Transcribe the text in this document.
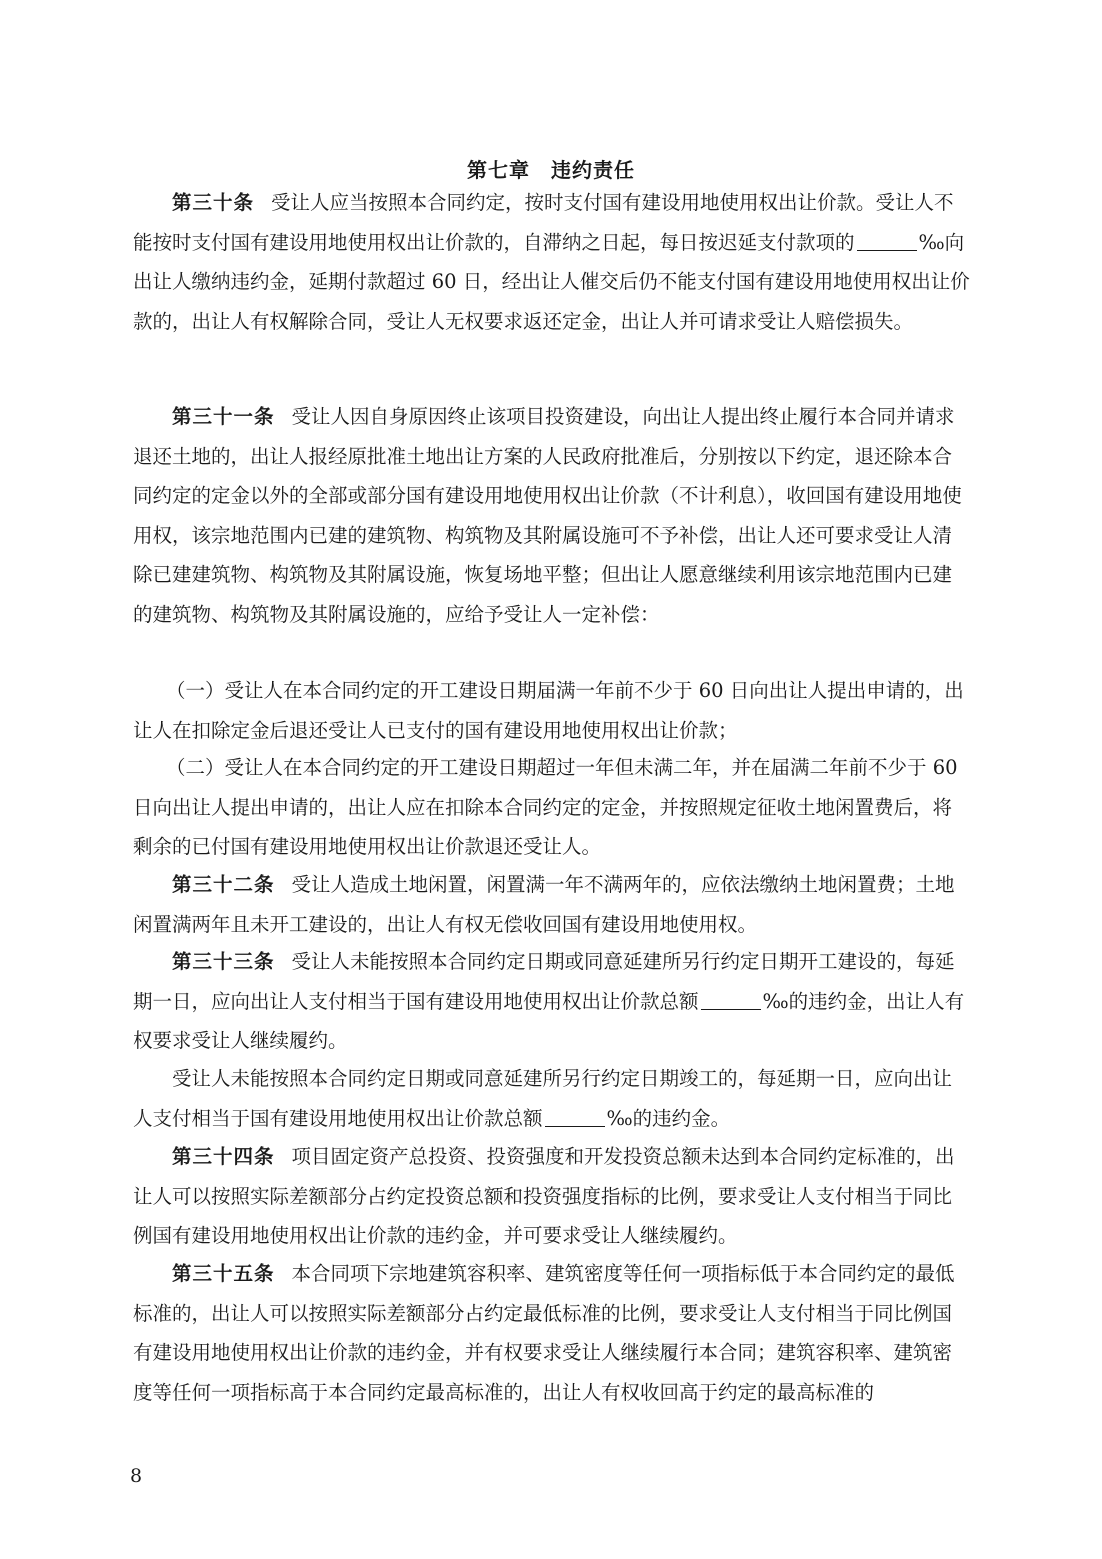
第七章　违约责任

第三十条 受让人应当按照本合同约定，按时支付国有建设用地使用权出让价款。受让人不能按时支付国有建设用地使用权出让价款的，自滞纳之日起，每日按迟延支付款项的	‰向出让人缴纳违约金，延期付款超过 60 日，经出让人催交后仍不能支付国有建设用地使用权出让价款的，出让人有权解除合同，受让人无权要求返还定金，出让人并可请求受让人赔偿损失。

第三十一条 受让人因自身原因终止该项目投资建设，向出让人提出终止履行本合同并请求退还土地的，出让人报经原批准土地出让方案的人民政府批准后，分别按以下约定，退还除本合同约定的定金以外的全部或部分国有建设用地使用权出让价款（不计利息），收回国有建设用地使用权，该宗地范围内已建的建筑物、构筑物及其附属设施可不予补偿，出让人还可要求受让人清除已建建筑物、构筑物及其附属设施，恢复场地平整；但出让人愿意继续利用该宗地范围内已建的建筑物、构筑物及其附属设施的，应给予受让人一定补偿：

（一）受让人在本合同约定的开工建设日期届满一年前不少于 60 日向出让人提出申请的，出让人在扣除定金后退还受让人已支付的国有建设用地使用权出让价款；

（二）受让人在本合同约定的开工建设日期超过一年但未满二年，并在届满二年前不少于 60 日向出让人提出申请的，出让人应在扣除本合同约定的定金，并按照规定征收土地闲置费后，将剩余的已付国有建设用地使用权出让价款退还受让人。

第三十二条 受让人造成土地闲置，闲置满一年不满两年的，应依法缴纳土地闲置费；土地闲置满两年且未开工建设的，出让人有权无偿收回国有建设用地使用权。

第三十三条 受让人未能按照本合同约定日期或同意延建所另行约定日期开工建设的，每延期一日，应向出让人支付相当于国有建设用地使用权出让价款总额	‰的违约金，出让人有权要求受让人继续履约。

受让人未能按照本合同约定日期或同意延建所另行约定日期竣工的，每延期一日，应向出让人支付相当于国有建设用地使用权出让价款总额	‰的违约金。

第三十四条 项目固定资产总投资、投资强度和开发投资总额未达到本合同约定标准的，出让人可以按照实际差额部分占约定投资总额和投资强度指标的比例，要求受让人支付相当于同比例国有建设用地使用权出让价款的违约金，并可要求受让人继续履约。

第三十五条 本合同项下宗地建筑容积率、建筑密度等任何一项指标低于本合同约定的最低标准的，出让人可以按照实际差额部分占约定最低标准的比例，要求受让人支付相当于同比例国有建设用地使用权出让价款的违约金，并有权要求受让人继续履行本合同；建筑容积率、建筑密度等任何一项指标高于本合同约定最高标准的，出让人有权收回高于约定的最高标准的

8
